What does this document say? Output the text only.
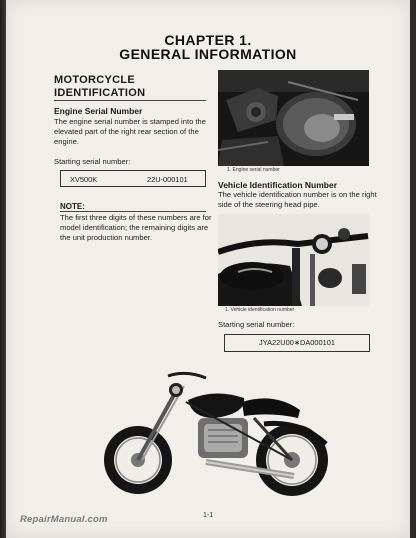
CHAPTER 1.
GENERAL INFORMATION
MOTORCYCLE
IDENTIFICATION
Engine Serial Number
The engine serial number is stamped into the
elevated part of the right rear section of the
engine.
Starting serial number:
XV500K	22U-000101
NOTE:
The first three digits of these numbers are for
model identification; the remaining digits are
the unit production number.
1. Engine serial number
Vehicle Identification Number
The vehicle identification number is on the right
side of the steering head pipe.
1. Vehicle identification number
Starting serial number:
JYA22U00∗DA000101
1-1
RepairManual.com
